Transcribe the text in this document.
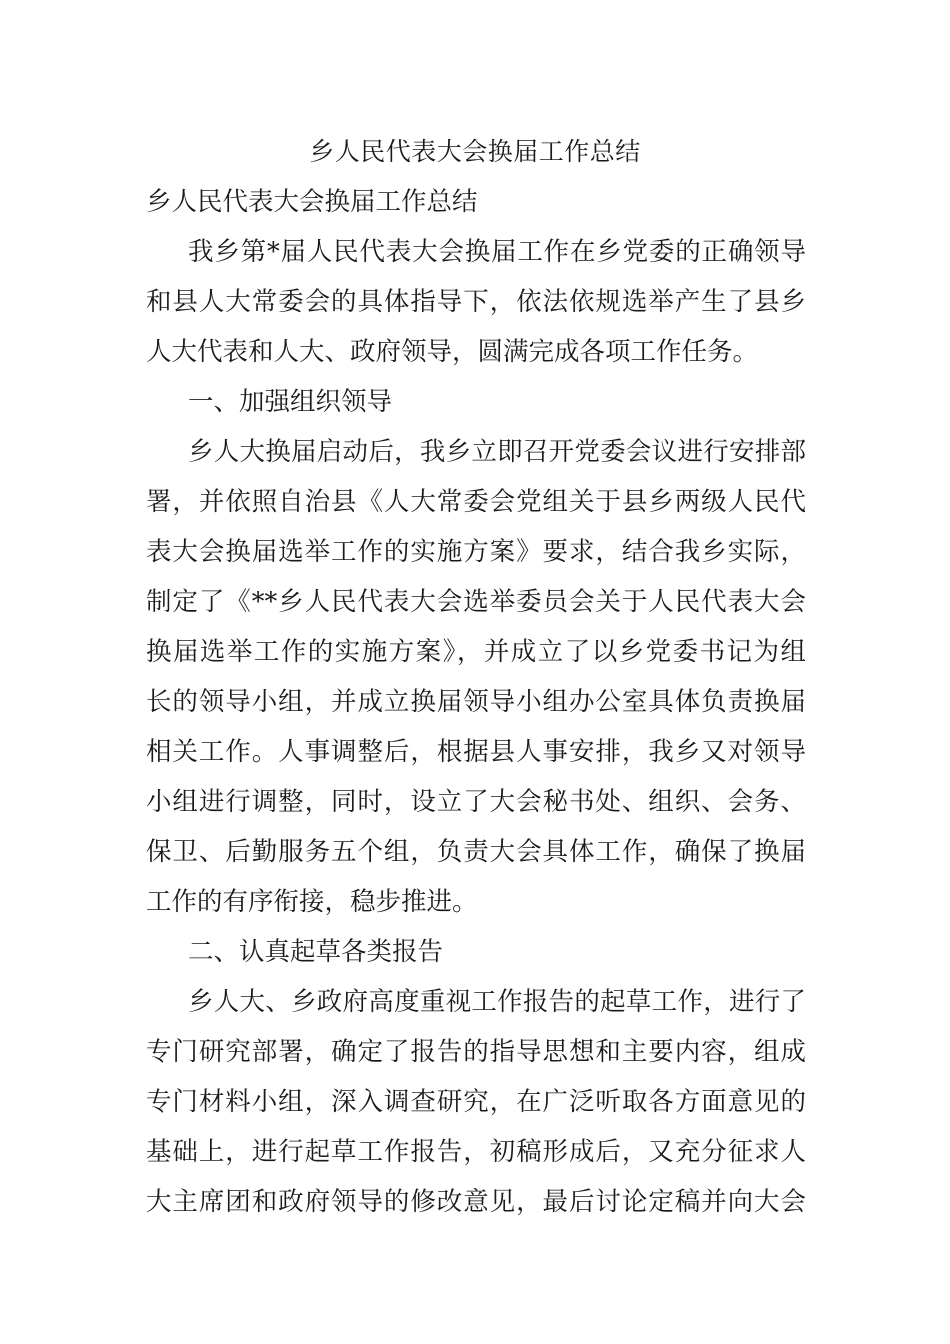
乡人民代表大会换届工作总结
乡人民代表大会换届工作总结
我乡第*届人民代表大会换届工作在乡党委的正确领导
和县人大常委会的具体指导下，依法依规选举产生了县乡
人大代表和人大、政府领导，圆满完成各项工作任务。
一、加强组织领导
乡人大换届启动后，我乡立即召开党委会议进行安排部
署，并依照自治县《人大常委会党组关于县乡两级人民代
表大会换届选举工作的实施方案》要求，结合我乡实际，
制定了《**乡人民代表大会选举委员会关于人民代表大会
换届选举工作的实施方案》，并成立了以乡党委书记为组
长的领导小组，并成立换届领导小组办公室具体负责换届
相关工作。人事调整后，根据县人事安排，我乡又对领导
小组进行调整，同时，设立了大会秘书处、组织、会务、
保卫、后勤服务五个组，负责大会具体工作，确保了换届
工作的有序衔接，稳步推进。
二、认真起草各类报告
乡人大、乡政府高度重视工作报告的起草工作，进行了
专门研究部署，确定了报告的指导思想和主要内容，组成
专门材料小组，深入调查研究，在广泛听取各方面意见的
基础上，进行起草工作报告，初稿形成后，又充分征求人
大主席团和政府领导的修改意见，最后讨论定稿并向大会
